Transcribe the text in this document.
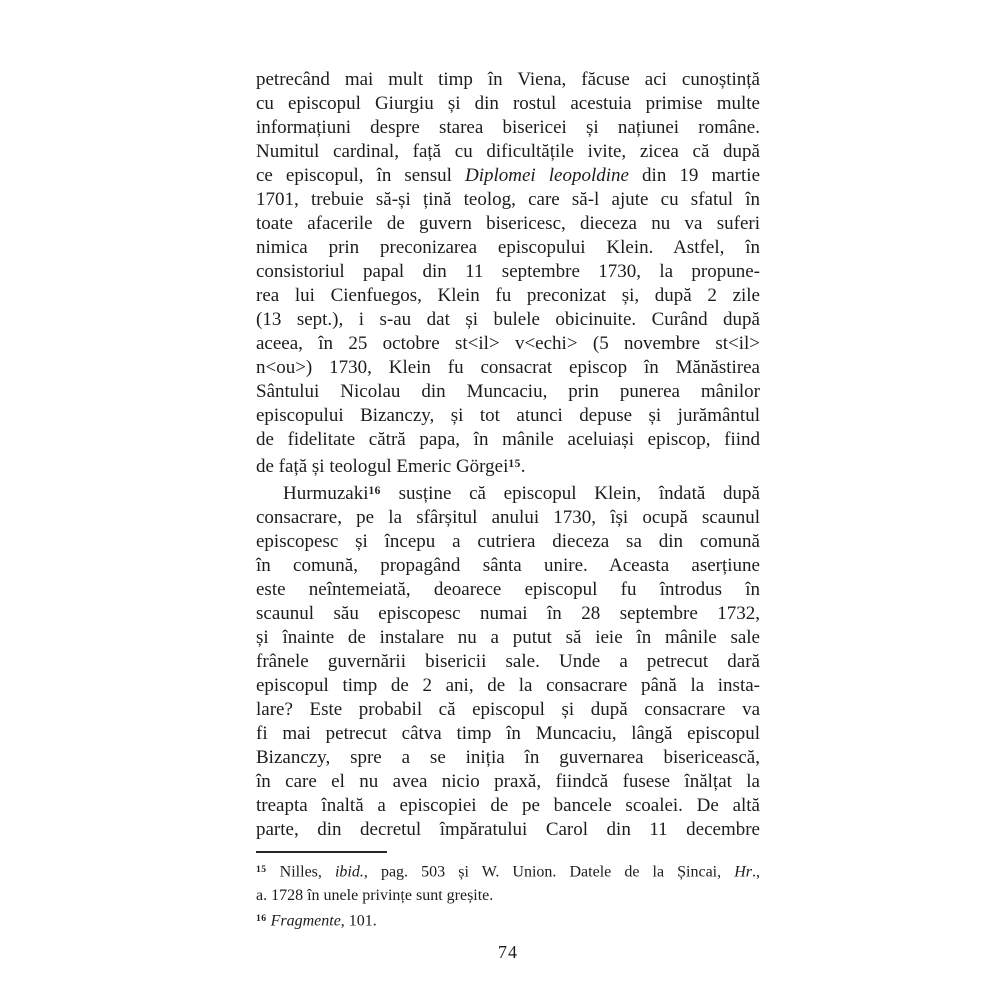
petrecând mai mult timp în Viena, făcuse aci cunoștință
cu episcopul Giurgiu și din rostul acestuia primise multe
informațiuni despre starea bisericei și națiunei române.
Numitul cardinal, față cu dificultățile ivite, zicea că după
ce episcopul, în sensul Diplomei leopoldine din 19 martie
1701, trebuie să-și țină teolog, care să-l ajute cu sfatul în
toate afacerile de guvern bisericesc, dieceza nu va suferi
nimica prin preconizarea episcopului Klein. Astfel, în
consistoriul papal din 11 septembre 1730, la propune-
rea lui Cienfuegos, Klein fu preconizat și, după 2 zile
(13 sept.), i s-au dat și bulele obicinuite. Curând după
aceea, în 25 octobre st<il> v<echi> (5 novembre st<il>
n<ou>) 1730, Klein fu consacrat episcop în Mănăstirea
Sântului Nicolau din Muncaciu, prin punerea mânilor
episcopului Bizanczy, și tot atunci depuse și jurământul
de fidelitate cătră papa, în mânile aceluiași episcop, fiind
de față și teologul Emeric Görgei$^{15}$.
Hurmuzaki$^{16}$ susține că episcopul Klein, îndată după
consacrare, pe la sfârșitul anului 1730, își ocupă scaunul
episcopesc și începu a cutriera dieceza sa din comună
în comună, propagând sânta unire. Aceasta aserțiune
este neîntemeiată, deoarece episcopul fu întrodus în
scaunul său episcopesc numai în 28 septembre 1732,
și înainte de instalare nu a putut să ieie în mânile sale
frânele guvernării bisericii sale. Unde a petrecut dară
episcopul timp de 2 ani, de la consacrare până la insta-
lare? Este probabil că episcopul și după consacrare va
fi mai petrecut câtva timp în Muncaciu, lângă episcopul
Bizanczy, spre a se iniția în guvernarea bisericească,
în care el nu avea nicio praxă, fiindcă fusese înălțat la
treapta înaltă a episcopiei de pe bancele scoalei. De altă
parte, din decretul împăratului Carol din 11 decembre
$^{15}$ Nilles, ibid., pag. 503 și W. Union. Datele de la Șincai, Hr.,
a. 1728 în unele privințe sunt greșite.
$^{16}$ Fragmente, 101.
74
